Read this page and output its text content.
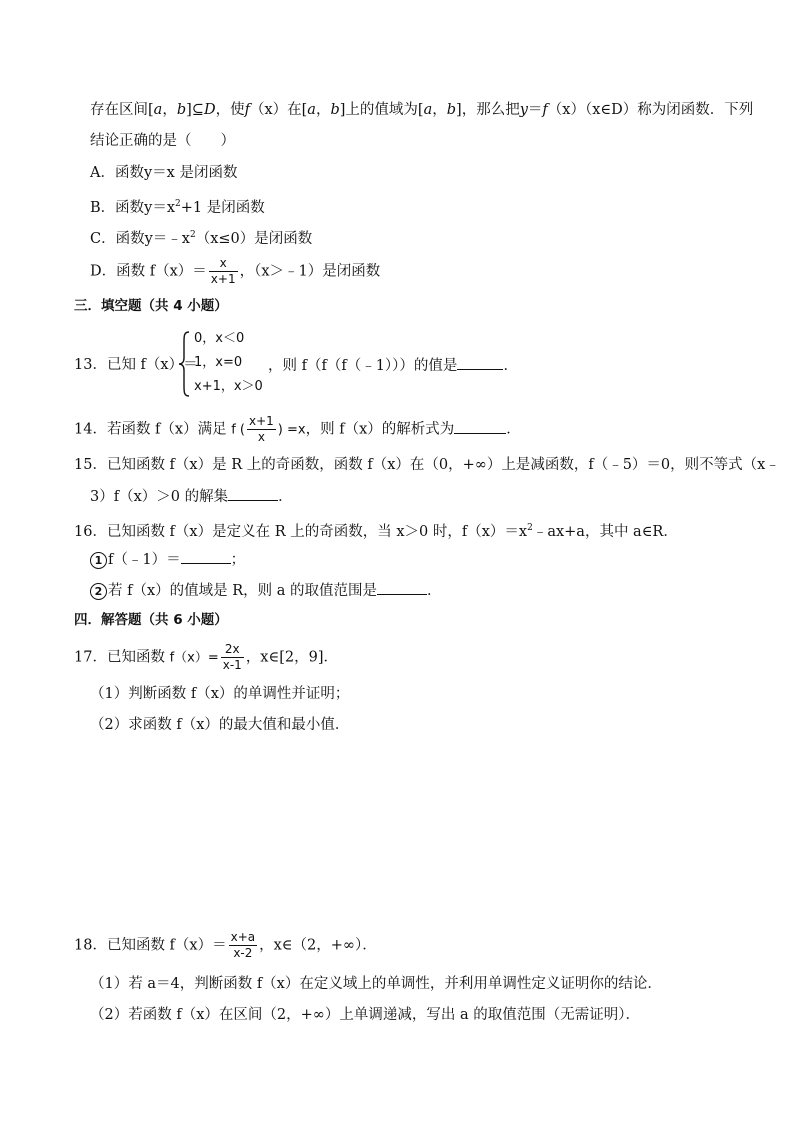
存在区间[a，b]⊆D，使f（x）在[a，b]上的值域为[a，b]，那么把y＝f（x）（x∈D）称为闭函数．下列
结论正确的是（　　）
A．函数y＝x 是闭函数
B．函数$y=x^2+1$ 是闭函数
C．函数$y=﹣x^2(x\le 0)$是闭函数
D．函数 $f(x)= \frac{x}{x+1}$ ，（x＞﹣1）是闭函数
三．填空题（共 4 小题）
13．已知 f（x）＝
0，x＜0
1，x=0
x+1，x＞0
，则 f（f（f（﹣1）））的值是	．
14．若函数 f（x）满足 f ( $\frac{x+1}{x}$ ) =x，则 f（x）的解析式为	．
15．已知函数 f（x）是 R 上的奇函数，函数 f（x）在（0，+∞）上是减函数，f（﹣5）＝0，则不等式（x﹣
3）f（x）＞0 的解集	．
16．已知函数 f（x）是定义在 R 上的奇函数，当 x＞0 时，$f(x)=x^2﹣ax+a$，其中 a∈R．
1 f（﹣1）＝	；
2 若 f（x）的值域是 R，则 a 的取值范围是	．
四．解答题（共 6 小题）
17．已知函数 $f(x)= \frac{2x}{x-1}$ ，x∈[2，9]．
（1）判断函数 f（x）的单调性并证明；
（2）求函数 f（x）的最大值和最小值．
18．已知函数 $f(x)= \frac{x+a}{x-2}$ ，x∈（2，+∞）．
（1）若 a＝4，判断函数 f（x）在定义域上的单调性，并利用单调性定义证明你的结论．
（2）若函数 f（x）在区间（2，+∞）上单调递减，写出 a 的取值范围（无需证明）．
